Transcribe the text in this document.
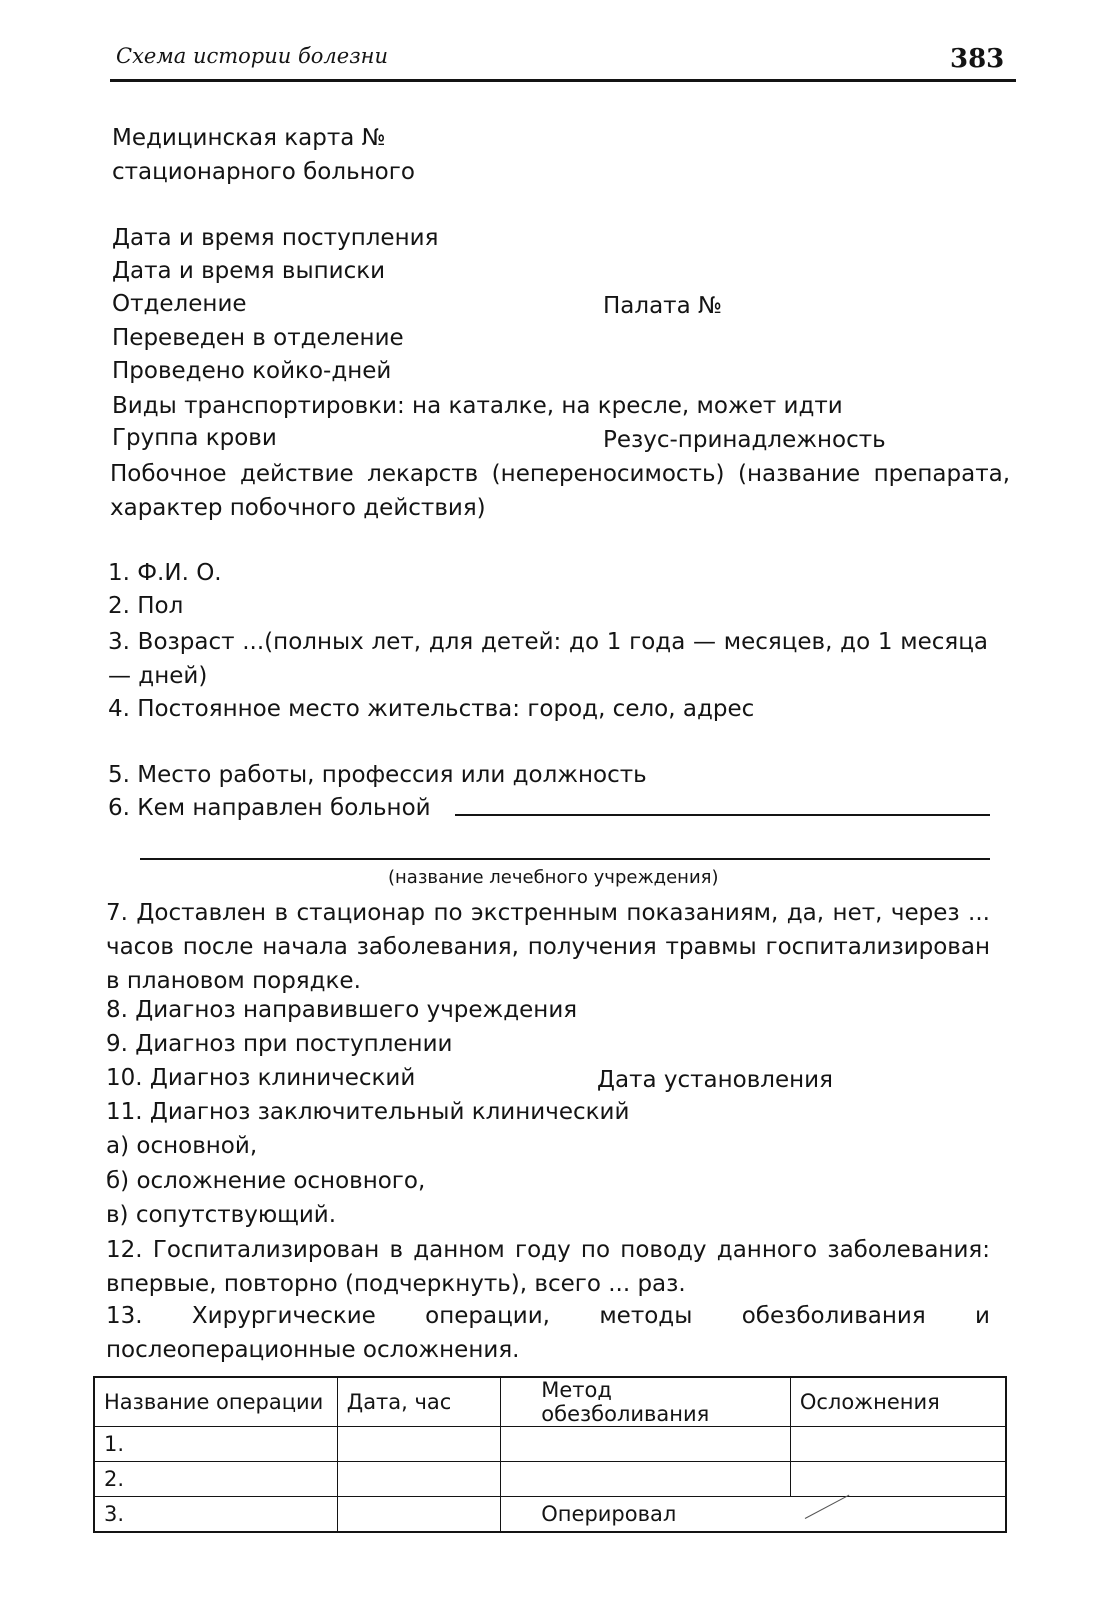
Схема истории болезни	383
Медицинская карта №
стационарного больного
Дата и время поступления
Дата и время выписки
Отделение	Палата №
Переведен в отделение
Проведено койко-дней
Виды транспортировки: на каталке, на кресле, может идти
Группа крови	Резус-принадлежность
Побочное действие лекарств (непереносимость) (название препарата, характер побочного действия)
1. Ф.И. О.
2. Пол
3. Возраст ...(полных лет, для детей: до 1 года — месяцев, до 1 месяца — дней)
4. Постоянное место жительства: город, село, адрес
5. Место работы, профессия или должность
6. Кем направлен больной
(название лечебного учреждения)
7. Доставлен в стационар по экстренным показаниям, да, нет, через ... часов после начала заболевания, получения травмы госпитализирован в плановом порядке.
8. Диагноз направившего учреждения
9. Диагноз при поступлении
10. Диагноз клинический	Дата установления
11. Диагноз заключительный клинический
а) основной,
б) осложнение основного,
в) сопутствующий.
12. Госпитализирован в данном году по поводу данного заболевания: впервые, повторно (подчеркнуть), всего ... раз.
13. Хирургические операции, методы обезболивания и послеоперационные осложнения.
Название операции	Дата, час	Метод обезболивания	Осложнения
1.			
2.			
3.		Оперировал	
